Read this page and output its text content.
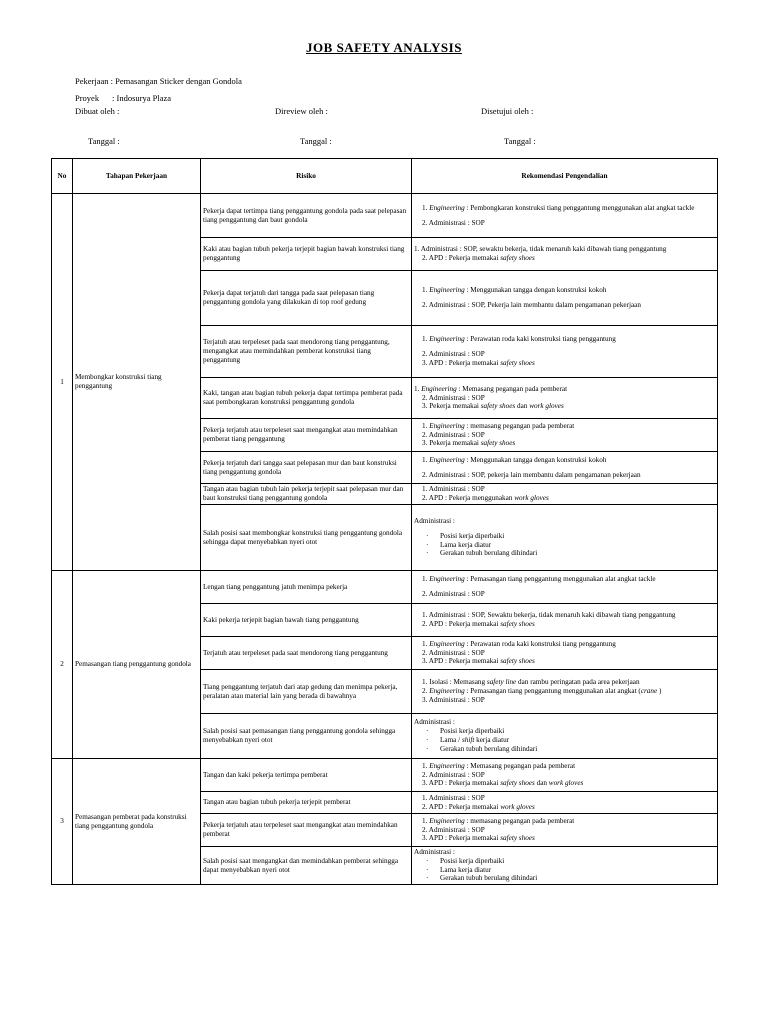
JOB SAFETY ANALYSIS
Pekerjaan : Pemasangan Sticker dengan Gondola
Proyek : Indosurya Plaza
Dibuat oleh :	Direview oleh :	Disetujui oleh :
Tanggal :	Tanggal :	Tanggal :
No	Tahapan Pekerjaan	Risiko	Rekomendasi Pengendalian
1	Membongkar konstruksi tiang penggantung	Pekerja dapat tertimpa tiang penggantung gondola pada saat pelepasan tiang penggantung dan baut gondola	1. Engineering : Pembongkaran konstruksi tiang penggantung menggunakan alat angkat tackle
2. Administrasi : SOP

		Kaki atau bagian tubuh pekerja terjepit bagian bawah konstruksi tiang penggantung	1. Administrasi : SOP, sewaktu bekerja, tidak menaruh kaki dibawah tiang penggantung
2. APD : Pekerja memakai safety shoes

		Pekerja dapat terjatuh dari tangga pada saat pelepasan tiang penggantung gondola yang dilakukan di top roof gedung	1. Engineering : Menggunakan tangga dengan konstruksi kokoh
2. Administrasi : SOP, Pekerja lain membantu dalam pengamanan pekerjaan

		Terjatuh atau terpeleset pada saat mendorong tiang penggantung, mengangkat atau memindahkan pemberat konstruksi tiang penggantung	1. Engineering : Perawatan roda kaki konstruksi tiang penggantung
2. Administrasi : SOP
3. APD : Pekerja memakai safety shoes

		Kaki, tangan atau bagian tubuh pekerja dapat tertimpa pemberat pada saat pembongkaran konstruksi penggantung gondola	1. Engineering : Memasang pegangan pada pemberat
2. Administrasi : SOP
3. Pekerja memakai safety shoes dan work gloves

		Pekerja terjatuh atau terpeleset saat mengangkat atau memindahkan pemberat tiang penggantung	1. Engineering : memasang pegangan pada pemberat
2. Administrasi : SOP
3. Pekerja memakai safety shoes

		Pekerja terjatuh dari tangga saat pelepasan mur dan baut konstruksi tiang penggantung gondola	1. Engineering : Menggunakan tangga dengan konstruksi kokoh
2. Administrasi : SOP, pekerja lain membantu dalam pengamanan pekerjaan

		Tangan atau bagian tubuh lain pekerja terjepit saat pelepasan mur dan baut konstruksi tiang penggantung gondola	1. Administrasi : SOP
2. APD : Pekerja menggunakan work gloves

		Salah posisi saat membongkar konstruksi tiang penggantung gondola sehingga dapat menyebabkan nyeri otot	Administrasi :
· Posisi kerja diperbaiki
· Lama kerja diatur
· Gerakan tubuh berulang dihindari

2	Pemasangan tiang penggantung gondola	Lengan tiang penggantung jatuh menimpa pekerja	1. Engineering : Pemasangan tiang penggantung menggunakan alat angkat tackle
2. Administrasi : SOP

		Kaki pekerja terjepit bagian bawah tiang penggantung	1. Administrasi : SOP, Sewaktu bekerja, tidak menaruh kaki dibawah tiang penggantung
2. APD : Pekerja memakai safety shoes

		Terjatuh atau terpeleset pada saat mendorong tiang penggantung	1. Engineering : Perawatan roda kaki konstruksi tiang penggantung
2. Administrasi : SOP
3. APD : Pekerja memakai safety shoes

		Tiang penggantung terjatuh dari atap gedung dan menimpa pekerja, peralatan atau material lain yang berada di bawahnya	1. Isolasi : Memasang safety line dan rambu peringatan pada area pekerjaan
2. Engineering : Pemasangan tiang penggantung menggunakan alat angkat (crane )
3. Administrasi : SOP

		Salah posisi saat pemasangan tiang penggantung gondola sehingga menyebabkan nyeri otot	Administrasi :
· Posisi kerja diperbaiki
· Lama / shift kerja diatur
· Gerakan tubuh berulang dihindari

3	Pemasangan pemberat pada konstruksi tiang penggantung gondola	Tangan dan kaki pekerja tertimpa pemberat	1. Engineering : Memasang pegangan pada pemberat
2. Administrasi : SOP
3. APD : Pekerja memakai safety shoes dan work gloves

		Tangan atau bagian tubuh pekerja terjepit pemberat	1. Administrasi : SOP
2. APD : Pekerja memakai work gloves

		Pekerja terjatuh atau terpeleset saat mengangkat atau memindahkan pemberat	1. Engineering : memasang pegangan pada pemberat
2. Administrasi : SOP
3. APD : Pekerja memakai safety shoes

		Salah posisi saat mengangkat dan memindahkan pemberat sehingga dapat menyebabkan nyeri otot	Administrasi :
· Posisi kerja diperbaiki
· Lama kerja diatur
· Gerakan tubuh berulang dihindari
